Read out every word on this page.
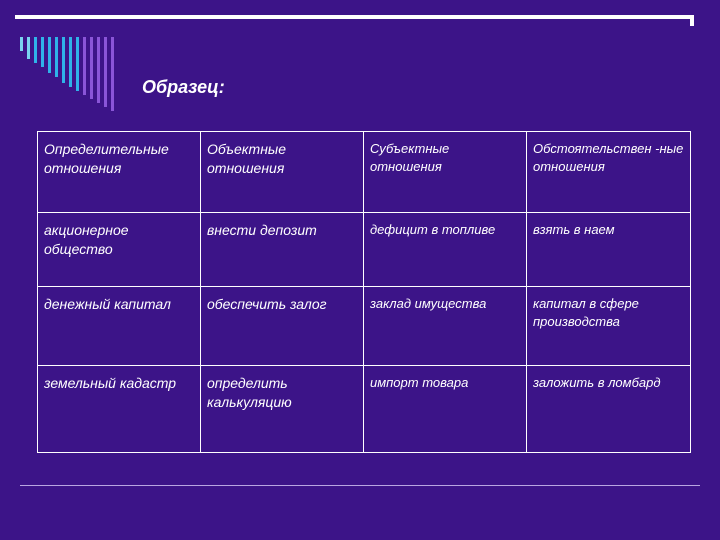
Образец:

Определительные отношения	Объектные отношения	Субъектные отношения	Обстоятельствен -ные отношения
акционерное общество	внести депозит	дефицит в топливе	взять в наем
денежный капитал	обеспечить залог	заклад имущества	капитал в сфере производства
земельный кадастр	определить калькуляцию	импорт товара	заложить в ломбард
